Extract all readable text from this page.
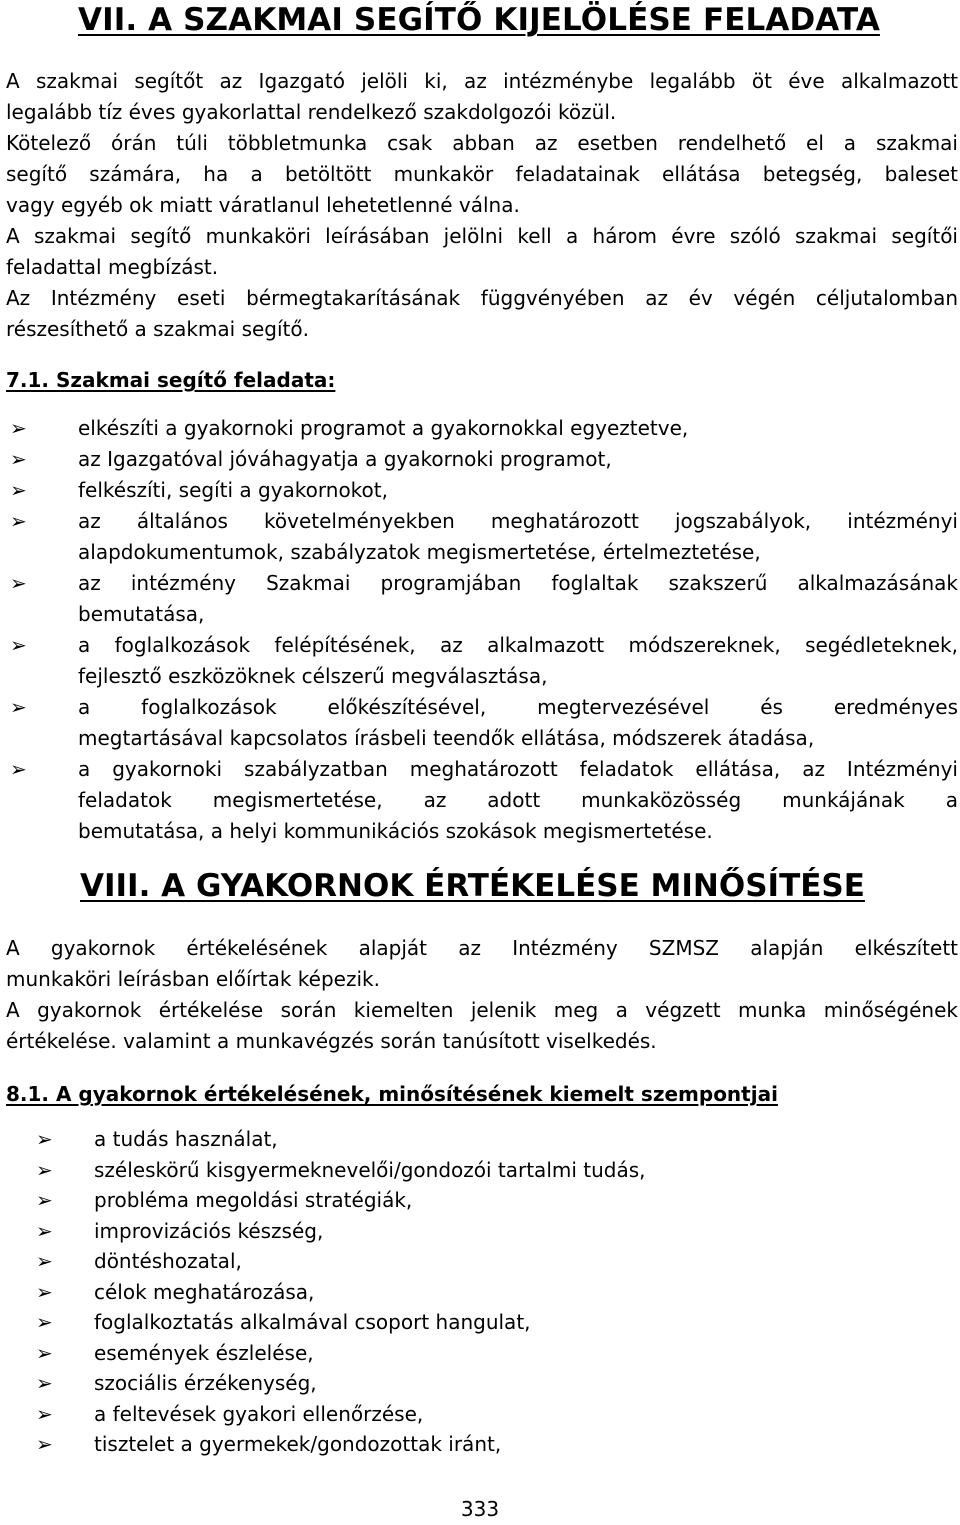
VII. A SZAKMAI SEGÍTŐ KIJELÖLÉSE FELADATA
A szakmai segítőt az Igazgató jelöli ki, az intézménybe legalább öt éve alkalmazott
legalább tíz éves gyakorlattal rendelkező szakdolgozói közül.
Kötelező órán túli többletmunka csak abban az esetben rendelhető el a szakmai
segítő számára, ha a betöltött munkakör feladatainak ellátása betegség, baleset
vagy egyéb ok miatt váratlanul lehetetlenné válna.
A szakmai segítő munkaköri leírásában jelölni kell a három évre szóló szakmai segítői
feladattal megbízást.
Az Intézmény eseti bérmegtakarításának függvényében az év végén céljutalomban
részesíthető a szakmai segítő.
7.1. Szakmai segítő feladata:
➢	elkészíti a gyakornoki programot a gyakornokkal egyeztetve,
➢	az Igazgatóval jóváhagyatja a gyakornoki programot,
➢	felkészíti, segíti a gyakornokot,
➢	az általános követelményekben meghatározott jogszabályok, intézményi
alapdokumentumok, szabályzatok megismertetése, értelmeztetése,
➢	az intézmény Szakmai programjában foglaltak szakszerű alkalmazásának
bemutatása,
➢	a foglalkozások felépítésének, az alkalmazott módszereknek, segédleteknek,
fejlesztő eszközöknek célszerű megválasztása,
➢	a foglalkozások előkészítésével, megtervezésével és eredményes
megtartásával kapcsolatos írásbeli teendők ellátása, módszerek átadása,
➢	a gyakornoki szabályzatban meghatározott feladatok ellátása, az Intézményi
feladatok megismertetése, az adott munkaközösség munkájának a
bemutatása, a helyi kommunikációs szokások megismertetése.
VIII. A GYAKORNOK ÉRTÉKELÉSE MINŐSÍTÉSE
A gyakornok értékelésének alapját az Intézmény SZMSZ alapján elkészített
munkaköri leírásban előírtak képezik.
A gyakornok értékelése során kiemelten jelenik meg a végzett munka minőségének
értékelése. valamint a munkavégzés során tanúsított viselkedés.
8.1. A gyakornok értékelésének, minősítésének kiemelt szempontjai
➢ a tudás használat,
➢ széleskörű kisgyermeknevelői/gondozói tartalmi tudás,
➢ probléma megoldási stratégiák,
➢ improvizációs készség,
➢ döntéshozatal,
➢ célok meghatározása,
➢ foglalkoztatás alkalmával csoport hangulat,
➢ események észlelése,
➢ szociális érzékenység,
➢ a feltevések gyakori ellenőrzése,
➢ tisztelet a gyermekek/gondozottak iránt,
333
